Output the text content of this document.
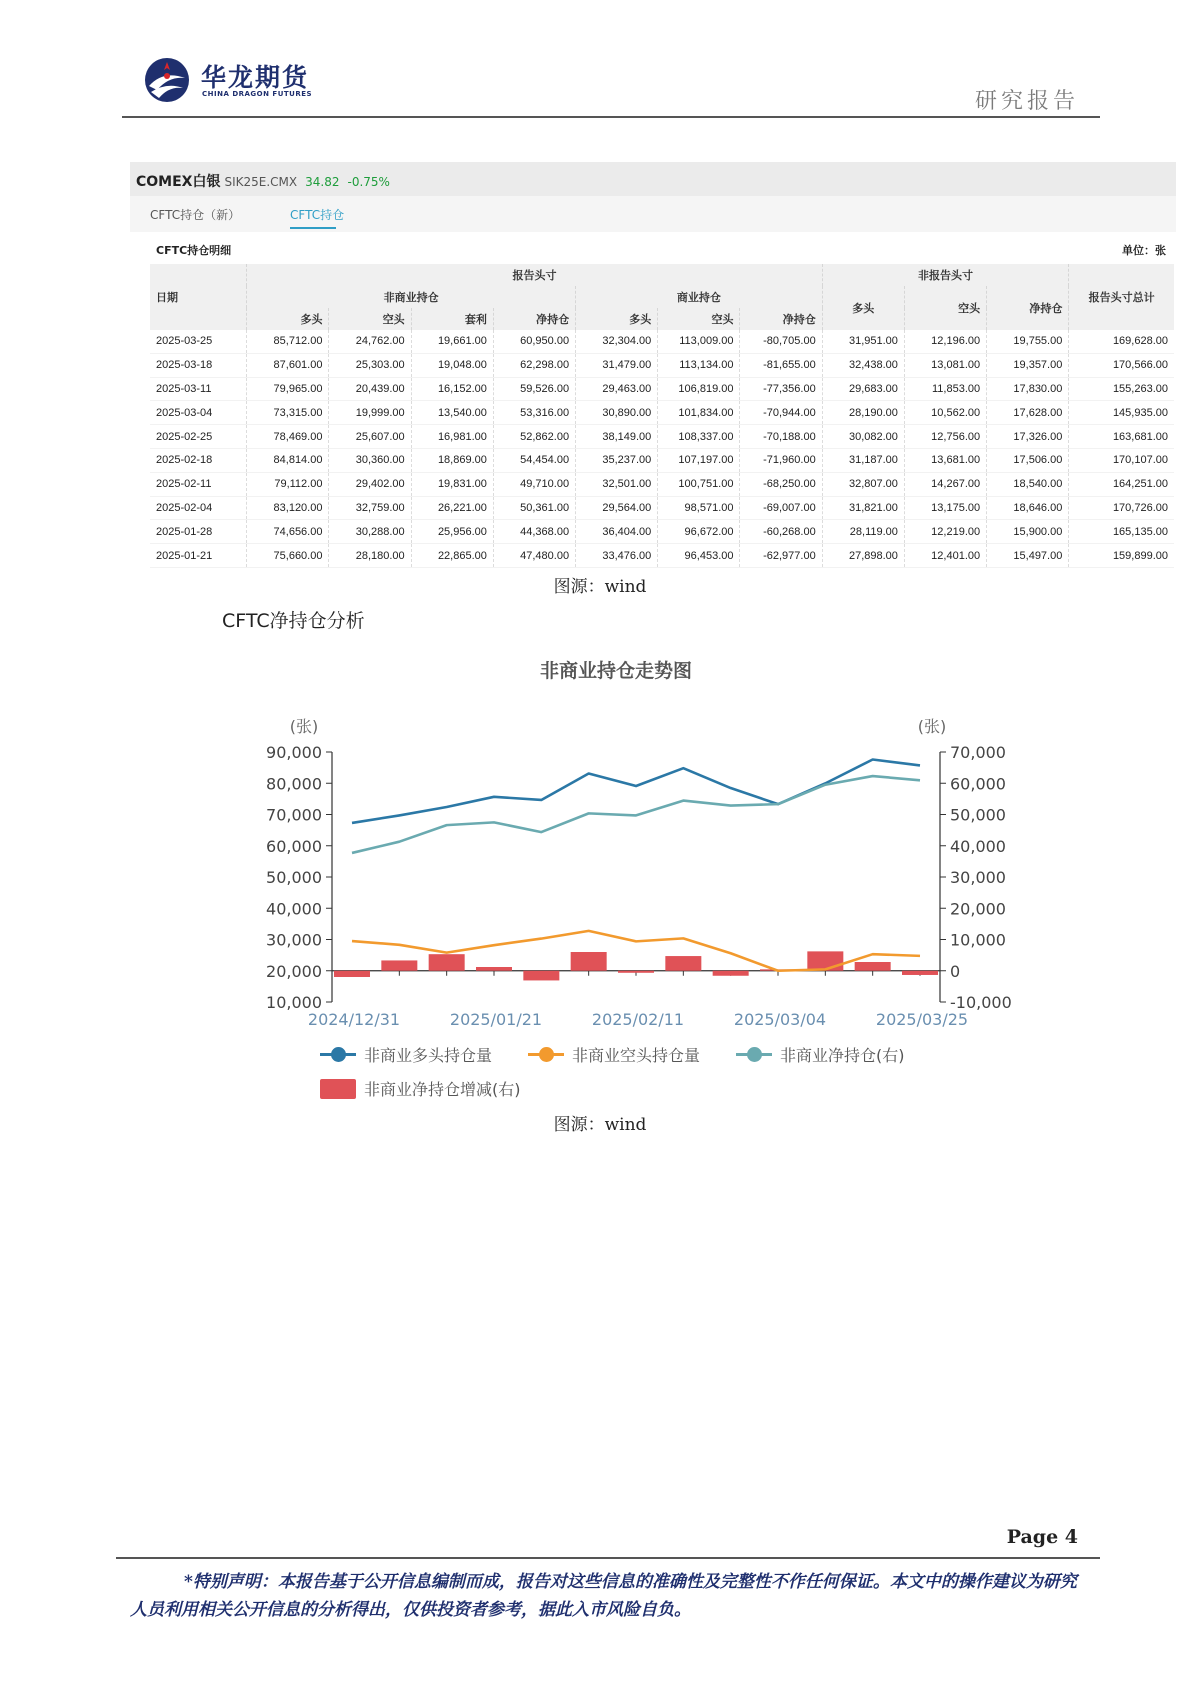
华龙期货
CHINA DRAGON FUTURES	研究报告
COMEX白银 SIK25E.CMX 34.82 -0.75%
CFTC持仓（新）	CFTC持仓
CFTC持仓明细	单位：张
日期	报告头寸							非报告头寸			报告头寸总计
	非商业持仓				商业持仓			多头	空头	净持仓	
	多头	空头	套利	净持仓	多头	空头	净持仓				
2025-03-25	85,712.00	24,762.00	19,661.00	60,950.00	32,304.00	113,009.00	-80,705.00	31,951.00	12,196.00	19,755.00	169,628.00
2025-03-18	87,601.00	25,303.00	19,048.00	62,298.00	31,479.00	113,134.00	-81,655.00	32,438.00	13,081.00	19,357.00	170,566.00
2025-03-11	79,965.00	20,439.00	16,152.00	59,526.00	29,463.00	106,819.00	-77,356.00	29,683.00	11,853.00	17,830.00	155,263.00
2025-03-04	73,315.00	19,999.00	13,540.00	53,316.00	30,890.00	101,834.00	-70,944.00	28,190.00	10,562.00	17,628.00	145,935.00
2025-02-25	78,469.00	25,607.00	16,981.00	52,862.00	38,149.00	108,337.00	-70,188.00	30,082.00	12,756.00	17,326.00	163,681.00
2025-02-18	84,814.00	30,360.00	18,869.00	54,454.00	35,237.00	107,197.00	-71,960.00	31,187.00	13,681.00	17,506.00	170,107.00
2025-02-11	79,112.00	29,402.00	19,831.00	49,710.00	32,501.00	100,751.00	-68,250.00	32,807.00	14,267.00	18,540.00	164,251.00
2025-02-04	83,120.00	32,759.00	26,221.00	50,361.00	29,564.00	98,571.00	-69,007.00	31,821.00	13,175.00	18,646.00	170,726.00
2025-01-28	74,656.00	30,288.00	25,956.00	44,368.00	36,404.00	96,672.00	-60,268.00	28,119.00	12,219.00	15,900.00	165,135.00
2025-01-21	75,660.00	28,180.00	22,865.00	47,480.00	33,476.00	96,453.00	-62,977.00	27,898.00	12,401.00	15,497.00	159,899.00
图源：wind
CFTC净持仓分析
非商业持仓走势图
90,000
80,000
70,000
60,000
50,000
40,000
30,000
20,000
10,000
70,000
60,000
50,000
40,000
30,000
20,000
10,000
0
-10,000
(张)	(张)
2024/12/31	2025/01/21	2025/02/11	2025/03/04	2025/03/25
非商业多头持仓量	非商业空头持仓量	非商业净持仓(右)
非商业净持仓增减(右)
图源：wind
Page 4
*特别声明：本报告基于公开信息编制而成，报告对这些信息的准确性及完整性不作任何保证。本文中的操作建议为研究人员利用相关公开信息的分析得出，仅供投资者参考，据此入市风险自负。
